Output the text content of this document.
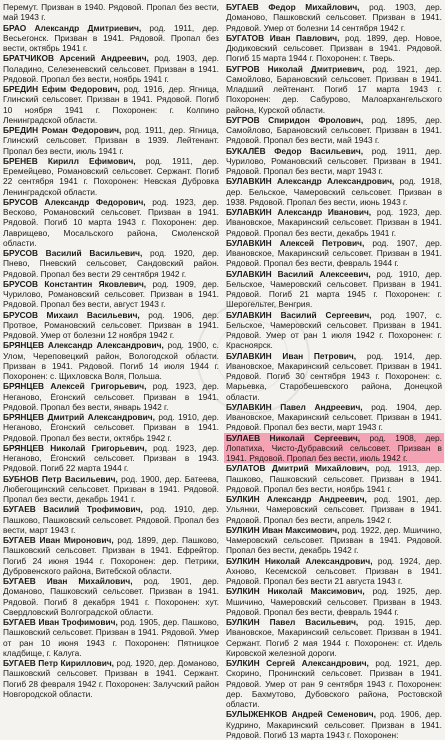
Перемут. Призван в 1940. Рядовой. Пропал без вести, май 1943 г.

БРАО Александр Дмитриевич, род. 1911, дер. Весьегонск. Призван в 1941. Рядовой. Пропал без вести, октябрь 1941 г.

БРАТЧИКОВ Арсений Андреевич, род. 1903, дер. Поладино, Селезеневский сельсовет. Призван в 1941. Рядовой. Пропал без вести, ноябрь 1941 г.

БРЕДИН Ефим Федорович, род. 1916, дер. Ягница, Глинский сельсовет. Призван в 1941. Рядовой. Погиб 10 ноября 1941 г. Похоронен: г. Колпино Ленинградской области.

БРЕДИН Роман Федорович, род. 1911, дер. Ягница, Глинский сельсовет. Призван в 1939. Лейтенант. Пропал без вести, июль 1941 г.

БРЕНЕВ Кирилл Ефимович, род. 1911, дер. Еремейцево, Романовский сельсовет. Сержант. Погиб 22 сентября 1941 г. Похоронен: Невская Дубровка Ленинградской области.

БРУСОВ Александр Федорович, род. 1923, дер. Весково, Романовский сельсовет. Призван в 1941. Рядовой. Погиб 10 марта 1943 г. Похоронен: дер. Лаврищево, Мосальского района, Смоленской области.

БРУСОВ Василий Васильевич, род. 1920, дер. Пнево, Пневский сельсовет, Сандовский район. Рядовой. Пропал без вести 29 сентября 1942 г.

БРУСОВ Константин Яковлевич, род. 1909, дер. Чурилово, Романовский сельсовет. Призван в 1941. Рядовой. Пропал без вести, август 1943 г.

БРУСОВ Михаил Васильевич, род. 1906, дер. Протвое, Романовский сельсовет. Призван в 1941. Рядовой. Умер от болезни 12 ноября 1942 г.

БРЯНЦЕВ Александр Александрович, род. 1900, с. Улом, Череповецкий район, Вологодской области. Призван в 1941. Рядовой. Погиб 14 июля 1944 г. Похоронен: с. Щихловска Воля, Польша.

БРЯНЦЕВ Алексей Григорьевич, род. 1923, дер. Неганово, Ёгонский сельсовет. Призван в 1941. Рядовой. Пропал без вести, январь 1942 г.

БРЯНЦЕВ Дмитрий Александрович, род. 1910, дер. Неганово, Ёгонский сельсовет. Призван в 1941. Рядовой. Пропал без вести, октябрь 1942 г.

БРЯНЦЕВ Николай Григорьевич, род. 1923, дер. Неганово, Ёгонский сельсовет. Призван в 1943. Рядовой. Погиб 22 марта 1944 г.

БУБНОВ Петр Васильевич, род. 1900, дер. Батеева, Любегощинский сельсовет. Призван в 1941. Рядовой. Пропал без вести, декабрь 1941 г.

БУГАЕВ Василий Трофимович, род. 1910, дер. Пашково, Пашковский сельсовет. Рядовой. Пропал без вести, март 1943 г.

БУГАЕВ Иван Миронович, род. 1899, дер. Пашково, Пашковский сельсовет. Призван в 1941. Ефрейтор. Погиб 24 июня 1944 г. Похоронен: дер. Петрики, Дубровенского района, Витебской области.

БУГАЕВ Иван Михайлович, род. 1901, дер. Доманово, Пашковский сельсовет. Призван в 1941. Рядовой. Погиб 8 декабря 1941 г. Похоронен: хут. Свердловский Волгоградской области.

БУГАЕВ Иван Трофимович, род. 1905, дер. Пашково, Пашковский сельсовет. Призван в 1941. Рядовой. Умер от ран 10 июня 1943 г. Похоронен: Пятницкое кладбище, г. Калуга.

БУГАЕВ Петр Кириллович, род. 1920, дер. Доманово, Пашковский сельсовет. Призван в 1941. Сержант. Погиб 28 февраля 1942 г. Похоронен: Залучский район Новгородской области.

БУГАЕВ Федор Михайлович, род. 1903, дер. Доманово, Пашковский сельсовет. Призван в 1941. Рядовой. Умер от болезни 14 сентября 1942 г.

БУГАТОВ Иван Павлович, род. 1899, дер. Новое, Дюдиковский сельсовет. Призван в 1941. Рядовой. Погиб 15 марта 1944 г. Похоронен: г. Тверь.

БУГРОВ Николай Дмитриевич, род. 1921, дер. Самойлово, Барановский сельсовет. Призван в 1941. Младший лейтенант. Погиб 17 марта 1943 г. Похоронен: дер. Сабурово, Малоархангельского района, Курской области.

БУГРОВ Спиридон Фролович, род. 1895, дер. Самойлово, Барановский сельсовет. Призван в 1941. Рядовой. Пропал без вести, май 1943 г.

БУКАЛЁВ Федор Васильевич, род. 1911, дер. Чурилово, Романовский сельсовет. Призван в 1941. Рядовой. Пропал без вести, март 1943 г.

БУЛАВКИН Александр Александрович, род. 1918, дер. Бельское, Чамеровский сельсовет. Призван в 1938. Рядовой. Пропал без вести, июнь 1943 г.

БУЛАВКИН Александр Иванович, род. 1923, дер. Ивановское, Макаринский сельсовет. Призван в 1941. Рядовой. Пропал без вести, декабрь 1941 г.

БУЛАВКИН Алексей Петрович, род. 1907, дер. Ивановское, Макаринский сельсовет. Призван в 1941. Рядовой. Пропал без вести, февраль 1944 г.

БУЛАВКИН Василий Алексеевич, род. 1910, дер. Бельское, Чамеровский сельсовет. Призван в 1941. Рядовой. Погиб 21 марта 1945 г. Похоронен: г. Шерогельтег, Венгрия.

БУЛАВКИН Василий Сергеевич, род. 1907, с. Бельское, Чамеровский сельсовет. Призван в 1941. Рядовой. Умер от ран 1 июля 1942 г. Похоронен: г. Красноярск.

БУЛАВКИН Иван Петрович, род. 1914, дер. Ивановское, Макаринский сельсовет. Призван в 1941. Рядовой. Погиб 30 сентября 1943 г. Похоронен: с. Марьевка, Старобешевского района, Донецкой области.

БУЛАВКИН Павел Андреевич, род. 1904, дер. Ивановское, Макаринский сельсовет. Призван в 1941. Рядовой. Пропал без вести, март 1943 г.

БУЛАЕВ Николай Сергеевич, род. 1908, дер. Лопатиха, Чисто-Дубравский сельсовет. Призван в 1941. Рядовой. Пропал без вести, июль 1942 г.

БУЛАТОВ Дмитрий Михайлович, род. 1913, дер. Пашково, Пашковский сельсовет. Призван в 1941. Рядовой. Пропал без вести, ноябрь 1941 г.

БУЛКИН Александр Андреевич, род. 1901, дер. Ульянки, Чамеровский сельсовет. Призван в 1941. Рядовой. Пропал без вести, апрель 1942 г.

БУЛКИН Иван Максимович, род. 1922, дер. Мшичино, Чамеровский сельсовет. Призван в 1941. Рядовой. Пропал без вести, декабрь 1942 г.

БУЛКИН Николай Александрович, род. 1924, дер. Ахново, Кесемской сельсовет. Призван в 1941. Рядовой. Пропал без вести 21 августа 1943 г.

БУЛКИН Николай Максимович, род. 1925, дер. Мшичино, Чамеровский сельсовет. Призван в 1943. Рядовой. Пропал без вести, февраль 1944 г.

БУЛКИН Павел Васильевич, род. 1915, дер. Ивановское, Макаринский сельсовет. Призван в 1941. Сержант. Погиб 2 мая 1944 г. Похоронен: ст. Идель Кировской железной дороги.

БУЛКИН Сергей Александрович, род. 1921, дер. Скорино, Пронинский сельсовет. Призван в 1941. Рядовой. Умер от ран 9 сентября 1943 г. Похоронен: дер. Бахмутово, Дубовского района, Ростовской области.

БУЛЫЖЕНКОВ Андрей Семенович, род. 1906, дер. Кудрино, Макаринский сельсовет. Призван в 1941. Рядовой. Погиб 13 марта 1943 г. Похоронен:
